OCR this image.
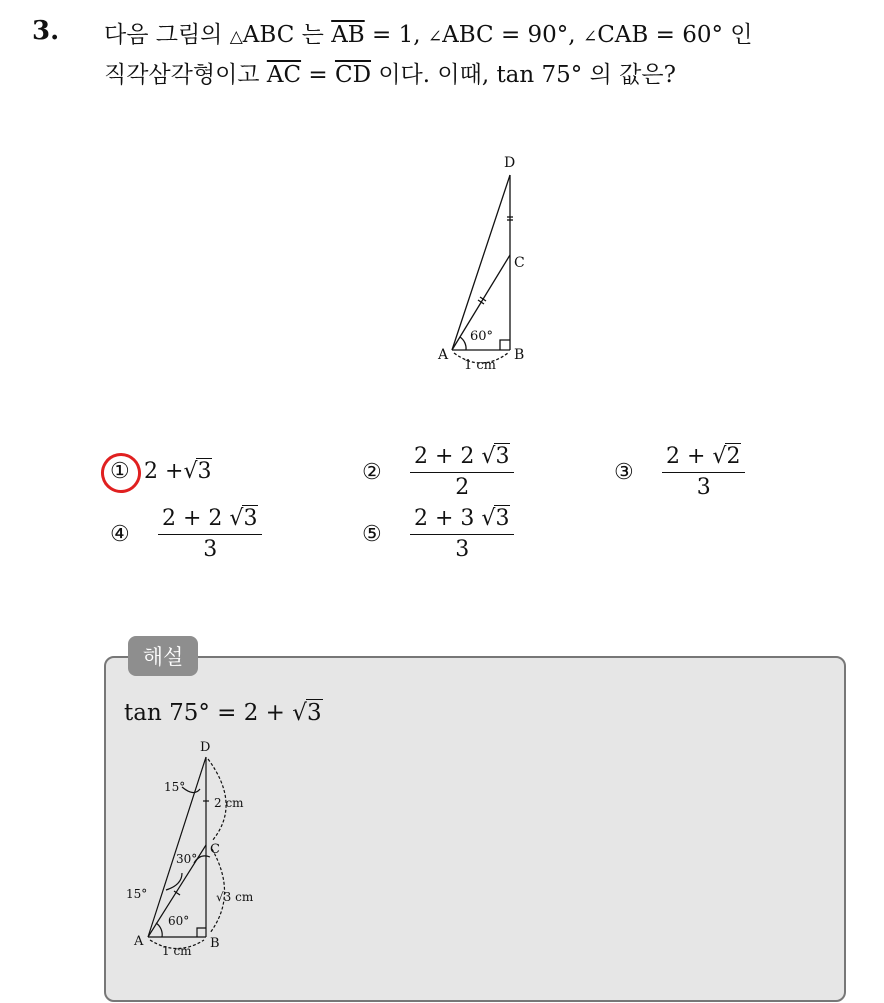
3. 다음 그림의 △ABC 는 $\overline{AB} = 1$, ∠ABC = 90°, ∠CAB = 60° 인
직각삼각형이고 $\overline{AC} = \overline{CD}$ 이다. 이때, tan 75° 의 값은?
D
C
A	B
60°
1 cm
① 2 + √ 3	②	$\frac{2 + 2 √3}{2}$	③	$\frac{2 + √2}{3}$
④	$\frac{2 + 2 √3}{3}$	⑤	$\frac{2 + 3 √3}{3}$
해설
tan 75° = 2 + √3
D
C
A	B
15°
15°
30°
60°
2 cm
√3 cm
1 cm
